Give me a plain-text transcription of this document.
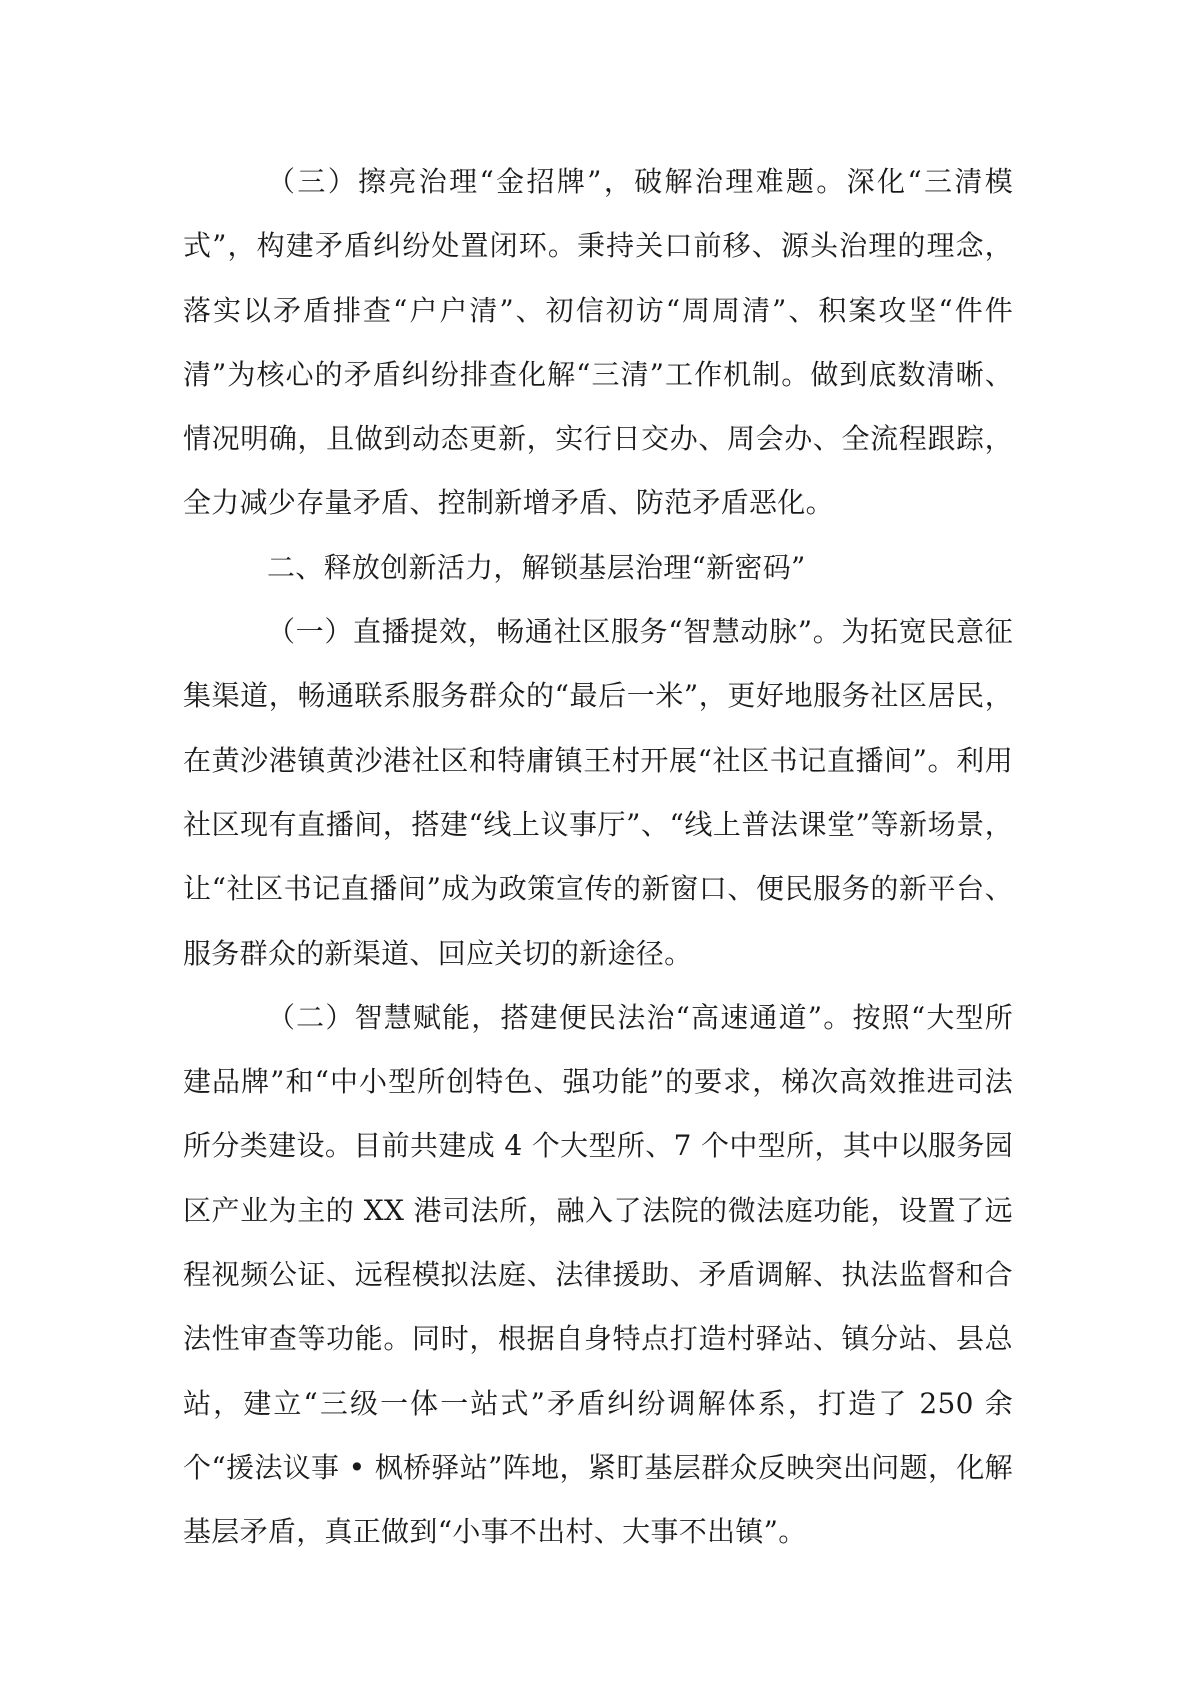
（三）擦亮治理“金招牌”，破解治理难题。深化“三清模式”，构建矛盾纠纷处置闭环。秉持关口前移、源头治理的理念，落实以矛盾排查“户户清”、初信初访“周周清”、积案攻坚“件件清”为核心的矛盾纠纷排查化解“三清”工作机制。做到底数清晰、情况明确，且做到动态更新，实行日交办、周会办、全流程跟踪，全力减少存量矛盾、控制新增矛盾、防范矛盾恶化。

二、释放创新活力，解锁基层治理“新密码”

（一）直播提效，畅通社区服务“智慧动脉”。为拓宽民意征集渠道，畅通联系服务群众的“最后一米”，更好地服务社区居民，在黄沙港镇黄沙港社区和特庸镇王村开展“社区书记直播间”。利用社区现有直播间，搭建“线上议事厅”、“线上普法课堂”等新场景，让“社区书记直播间”成为政策宣传的新窗口、便民服务的新平台、服务群众的新渠道、回应关切的新途径。

（二）智慧赋能，搭建便民法治“高速通道”。按照“大型所建品牌”和“中小型所创特色、强功能”的要求，梯次高效推进司法所分类建设。目前共建成 4 个大型所、7 个中型所，其中以服务园区产业为主的 XX 港司法所，融入了法院的微法庭功能，设置了远程视频公证、远程模拟法庭、法律援助、矛盾调解、执法监督和合法性审查等功能。同时，根据自身特点打造村驿站、镇分站、县总站，建立“三级一体一站式”矛盾纠纷调解体系，打造了 250 余个“援法议事 • 枫桥驿站”阵地，紧盯基层群众反映突出问题，化解基层矛盾，真正做到“小事不出村、大事不出镇”。
